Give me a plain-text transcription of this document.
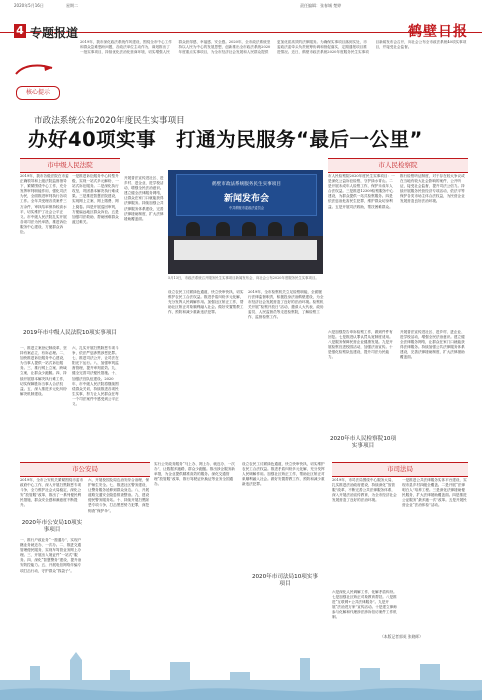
2020年5月16日	星期二	责任编辑：张春城 楚婷
4 专题报道	鹤壁日报
核心提示
2019年，我市深化政法系统作风建设，围绕全市中心工作和群众急难愁盼问题，各政法单位主动作为，谋划推出了一批实事项目，持续优化法治化营商环境，切实增强人民群众获得感、幸福感、安全感。2020年，全市政法系统坚持以人民为中心的发展思想，创新推出全市政法系统2020年度重点实事项目，为全市经济社会发展和人民群众提供更加优质高效的法律服务。为确保实事项目落到实处，市委政法委牵头负责统筹协调和督促落实，定期通报项目推进情况。近日，鹤壁市政法系统2020年度服务民生实事项目新闻发布会召开，向社会公布全市政法系统40项实事项目，并接受社会监督。
市政法系统公布2020年度民生实事项目
办好40项实事　打通为民服务“最后一公里”
市中级人民法院
2019年，我市各级法院在市委正确领导和上级法院监督指导下，紧紧围绕中心工作，充分发挥审判职能作用，强化司法为民，全面推进审判执行各项工作。全年共受理各类案件三万余件，审执结率保持较高水平，切实维护了社会公平正义。市中级人民法院扎实开展各项司法为民举措，推进诉讼服务中心建设，方便群众诉讼。
一是推进诉讼服务中心转型升级，实现一站式多元解纷、一站式诉讼服务。二是深化执行攻坚，巩固基本解决执行难成果。三是推进智慧法院建设，实现网上立案、网上缴费、网上阅卷。四是开展巡回审判，方便偏远地区群众诉讼。五是加强司法救助，帮助困难群众渡过难关。
2019年市中级人民法院10项实事项目
一、推进立案登记制改革，坚持有案必立、有诉必理。二、加快推进诉讼服务中心建设，为当事人提供一站式诉讼服务。三、推行网上立案、跨域立案，让群众少跑腿。四、持续开展基本解决执行难工作，切实保障胜诉当事人合法权益。五、深入推进多元化纠纷解决机制建设。
六、扎实开展扫黑除恶专项斗争，依法严惩涉黑涉恶犯罪。七、推进司法公开，让司法在阳光下运行。八、加强审判监督管理，提升审判质效。九、健全完善司法便民措施。十、加强法官队伍建设。2020年，市中级人民法院将继续围绕群众关切，持续推进各项民生实事，努力让人民群众在每一个司法案件中感受到公平正义。
开展普法宣传进社区、进乡村、进企业、进学校活动，增强全民法治意识。建立健全法律服务网络，让群众在家门口就能获得法律服务。持续加强公共法律服务体系建设，完善法律援助制度，扩大法律援助覆盖面。
设立农民工讨薪绿色通道，快立快审快执，切实维护农民工合法权益。推进矛盾纠纷多元化解，充分发挥人民调解作用。加强社区矫正工作，帮助社区矫正对象顺利融入社会。做好安置帮教工作，预防和减少重新违法犯罪。
2019年，全市检察机关立足检察职能，全面履行法律监督职责，积极投身法治鹤壁建设，为全市经济社会发展营造了良好的法治环境。检察机关开展“检察开放日”活动，邀请人大代表、政协委员、人民监督员等走进检察院，了解检察工作、监督检察工作。
鹤壁市政法系统服务民生实事项目
新闻发布会
中共鹤壁市委政法委员会
5月13日，市政法系统召开服务民生实事项目新闻发布会，向社会公布2020年度服务民生实事项目。
市人民检察院
市人民检察院2020年度民生实事项目：一是深化公益诉讼检察，守护绿水青山。二是开展未成年人检察工作，保护未成年人合法权益。三是推进12309检察服务中心建设，为群众提供一站式检察服务。四是依法惩治危害民生犯罪，维护群众切身利益。五是开展司法救助，帮扶困难群众。
推行检察听证制度，对于存在较大争议或在当地有较大社会影响的案件，公开听证，接受社会监督，提升司法公信力。持续开展服务民营经济专项活动，依法平等保护各类市场主体合法权益，为民营企业发展营造良好法治环境。
2020年市人民检察院10项实事项目
六是加强控告申诉检察工作，做到件件有回复。七是推进认罪认罚从宽制度适用。八是服务保障民营企业健康发展。九是开展检察官进校园活动，加强法治宣传。十是强化检察队伍建设，提升司法为民能力。
开展普法宣传进社区、进乡村、进企业、进学校活动，增强全民法治意识。建立健全法律服务网络，让群众在家门口就能获得法律服务。持续加强公共法律服务体系建设，完善法律援助制度，扩大法律援助覆盖面。
市公安局
2019年，全市公安机关紧紧围绕市委市政府中心工作，深入开展扫黑除恶专项斗争，全力维护社会大局稳定，深化公安“放管服”改革，推出了一系列便民利民措施，群众安全感和满意度不断提升。
2020年市公安局10项实事项目
一、推行户政业务“一窗通办”，实现户籍业务就近办、一次办。二、推进交通管理便民服务，实现车驾管业务网上办理。三、开展出入境证件“一站式”服务。四、深化“智慧警务”建设，提升治安防控能力。五、开展电信网络诈骗专项打击行动，守护群众“钱袋子”。
六、开展校园及周边治安综合治理，保护师生安全。七、推进社区警务建设，让警务服务延伸到群众身边。八、开展道路交通安全隐患排查整治。九、建设便民警务服务站。十、持续开展扫黑除恶专项斗争，打击黑恶势力犯罪，深挖彻查“保护伞”。
实行公安政务服务“马上办、网上办、就近办、一次办”，让数据多跑路，群众少跑腿。推出涉企服务新举措，为企业提供精准高效的服务。深化交通管理“放管服”改革，推行驾驶证补换证等业务全国通办。
设立农民工讨薪绿色通道，快立快审快执，切实维护农民工合法权益。推进矛盾纠纷多元化解，充分发挥人民调解作用。加强社区矫正工作，帮助社区矫正对象顺利融入社会。做好安置帮教工作，预防和减少重新违法犯罪。
市司法局
2019年，市司法局围绕中心服务大局，扎实推进法治政府建设，持续深化“放管服”改革，不断完善公共法律服务体系，深入开展法治宣传教育，为全市经济社会发展营造了良好的法治环境。
2020年市司法局10项实事项目
一是推进公共法律服务实体平台建设，实现市县乡村四级全覆盖。二是开展“法律明白人”培养工程。三是深化法律援助便民服务，扩大法律援助覆盖面。四是推进公证服务“最多跑一次”改革。五是开展民营企业“法治体检”活动。
六是深化人民调解工作，化解矛盾纠纷。七是加强社区矫正对象教育帮扶。八是推进“互联网+公共法律服务”。九是开展“法治进万家”宣传活动。十是建立律师参与化解和代理涉法涉诉信访案件工作机制。
（本版记者郭英 张晓晖）
